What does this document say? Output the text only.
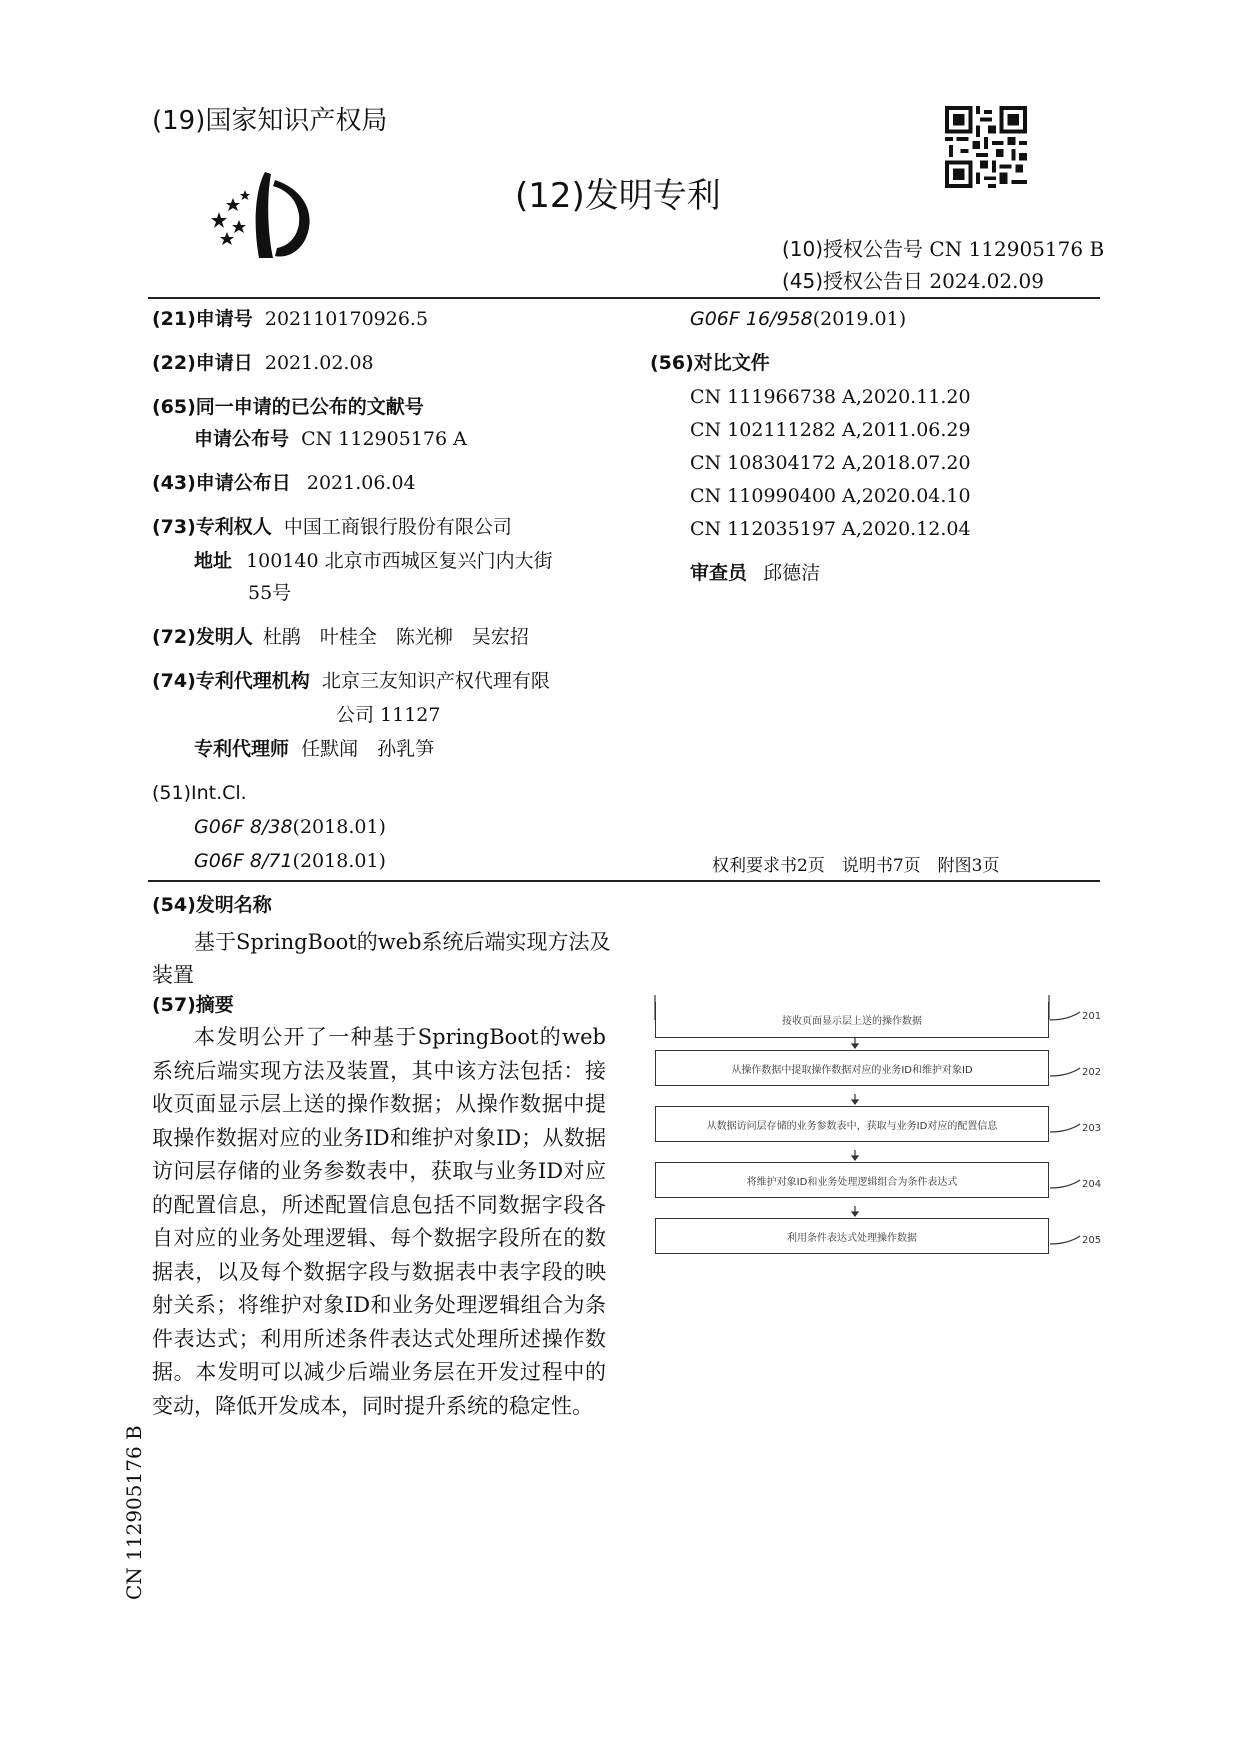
(19)国家知识产权局
(12)发明专利
(10)授权公告号 CN 112905176 B
(45)授权公告日 2024.02.09
(21)申请号 202110170926.5
(22)申请日 2021.02.08
(65)同一申请的已公布的文献号
申请公布号 CN 112905176 A
(43)申请公布日 2021.06.04
(73)专利权人 中国工商银行股份有限公司
地址 100140 北京市西城区复兴门内大街
55号
(72)发明人 杜鹃　叶桂全　陈光柳　吴宏招
(74)专利代理机构 北京三友知识产权代理有限
公司 11127
专利代理师 任默闻　孙乳笋
(51)Int.Cl.
G06F 8/38(2018.01)
G06F 8/71(2018.01)
G06F 16/958(2019.01)
(56)对比文件
CN 111966738 A,2020.11.20
CN 102111282 A,2011.06.29
CN 108304172 A,2018.07.20
CN 110990400 A,2020.04.10
CN 112035197 A,2020.12.04
审查员 邱德洁
权利要求书2页　说明书7页　附图3页
(54)发明名称
基于SpringBoot的web系统后端实现方法及
装置
(57)摘要

本发明公开了一种基于SpringBoot的web系统后端实现方法及装置，其中该方法包括：接收页面显示层上送的操作数据；从操作数据中提取操作数据对应的业务ID和维护对象ID；从数据访问层存储的业务参数表中，获取与业务ID对应的配置信息，所述配置信息包括不同数据字段各自对应的业务处理逻辑、每个数据字段所在的数据表，以及每个数据字段与数据表中表字段的映射关系；将维护对象ID和业务处理逻辑组合为条件表达式；利用所述条件表达式处理所述操作数据。本发明可以减少后端业务层在开发过程中的变动，降低开发成本，同时提升系统的稳定性。

接收页面显示层上送的操作数据	201
从操作数据中提取操作数据对应的业务ID和维护对象ID	202
从数据访问层存储的业务参数表中，获取与业务ID对应的配置信息	203
将维护对象ID和业务处理逻辑组合为条件表达式	204
利用条件表达式处理操作数据	205
CN 112905176 B
